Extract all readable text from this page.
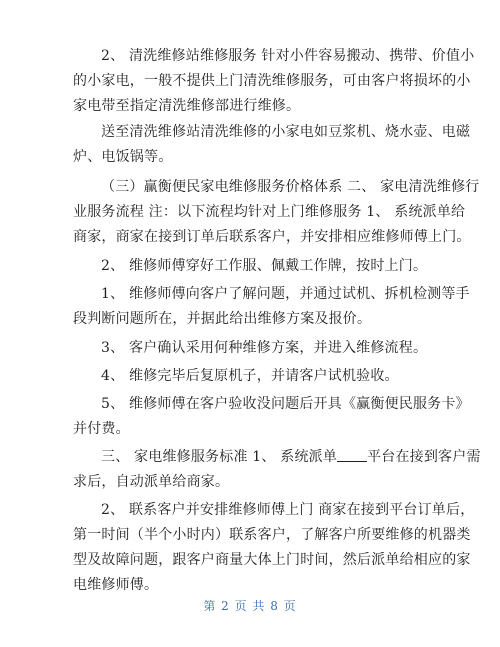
2、 清洗维修站维修服务 针对小件容易搬动、携带、价值小
的小家电，一般不提供上门清洗维修服务，可由客户将损坏的小
家电带至指定清洗维修部进行维修。
送至清洗维修站清洗维修的小家电如豆浆机、烧水壶、电磁
炉、电饭锅等。
（三）赢衡便民家电维修服务价格体系 二、 家电清洗维修行
业服务流程 注：以下流程均针对上门维修服务 1、 系统派单给
商家，商家在接到订单后联系客户，并安排相应维修师傅上门。
2、 维修师傅穿好工作服、佩戴工作牌，按时上门。
1、 维修师傅向客户了解问题，并通过试机、拆机检测等手
段判断问题所在，并据此给出维修方案及报价。
3、 客户确认采用何种维修方案，并进入维修流程。
4、 维修完毕后复原机子，并请客户试机验收。
5、 维修师傅在客户验收没问题后开具《赢衡便民服务卡》
并付费。
三、 家电维修服务标准 1、 系统派单 平台在接到客户需
求后，自动派单给商家。
2、 联系客户并安排维修师傅上门 商家在接到平台订单后，
第一时间（半个小时内）联系客户，了解客户所要维修的机器类
型及故障问题，跟客户商量大体上门时间，然后派单给相应的家
电维修师傅。
第 2 页 共 8 页
